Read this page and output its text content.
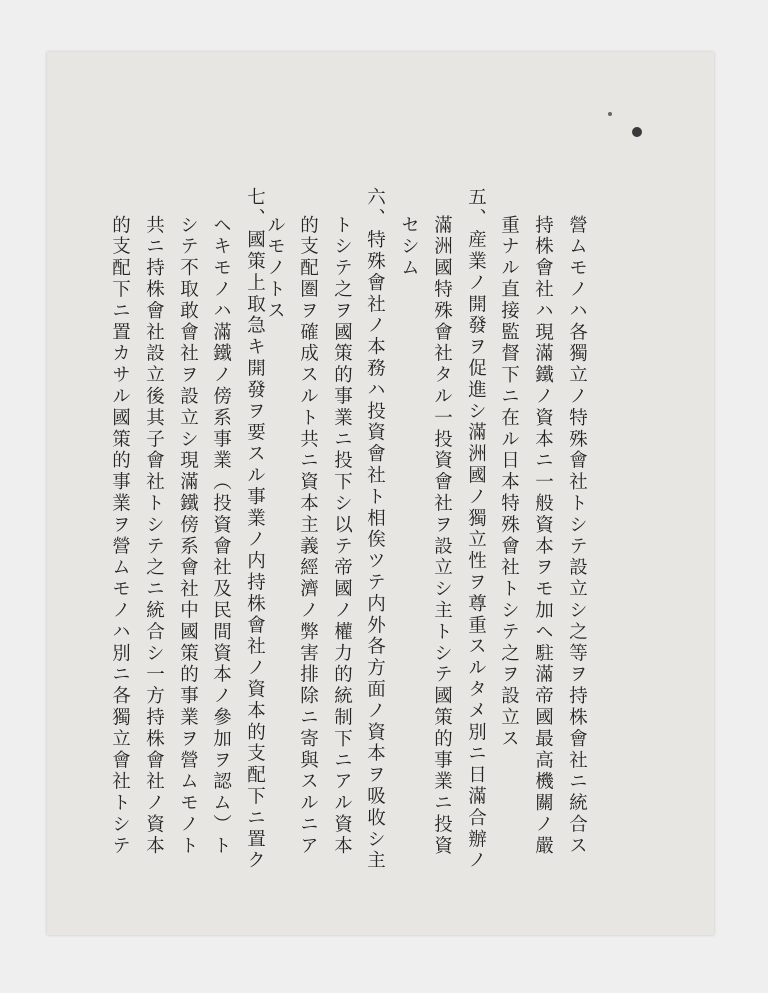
營ムモノハ各獨立ノ特殊會社トシテ設立シ之等ヲ持株會社ニ統合ス
持株會社ハ現滿鐵ノ資本ニ一般資本ヲモ加ヘ駐滿帝國最高機關ノ嚴
重ナル直接監督下ニ在ル日本特殊會社トシテ之ヲ設立ス
五、産業ノ開發ヲ促進シ滿洲國ノ獨立性ヲ尊重スルタメ別ニ日滿合辦ノ
滿洲國特殊會社タル一投資會社ヲ設立シ主トシテ國策的事業ニ投資
セシム
六、特殊會社ノ本務ハ投資會社ト相俟ツテ内外各方面ノ資本ヲ吸收シ主
トシテ之ヲ國策的事業ニ投下シ以テ帝國ノ權力的統制下ニアル資本
的支配圏ヲ確成スルト共ニ資本主義經濟ノ弊害排除ニ寄與スルニア
ルモノトス
七、國策上取急キ開發ヲ要スル事業ノ内持株會社ノ資本的支配下ニ置ク
ヘキモノハ滿鐵ノ傍系事業（投資會社及民間資本ノ參加ヲ認ム）ト
シテ不取敢會社ヲ設立シ現滿鐵傍系會社中國策的事業ヲ營ムモノト
共ニ持株會社設立後其子會社トシテ之ニ統合シ一方持株會社ノ資本
的支配下ニ置カサル國策的事業ヲ營ムモノハ別ニ各獨立會社トシテ
